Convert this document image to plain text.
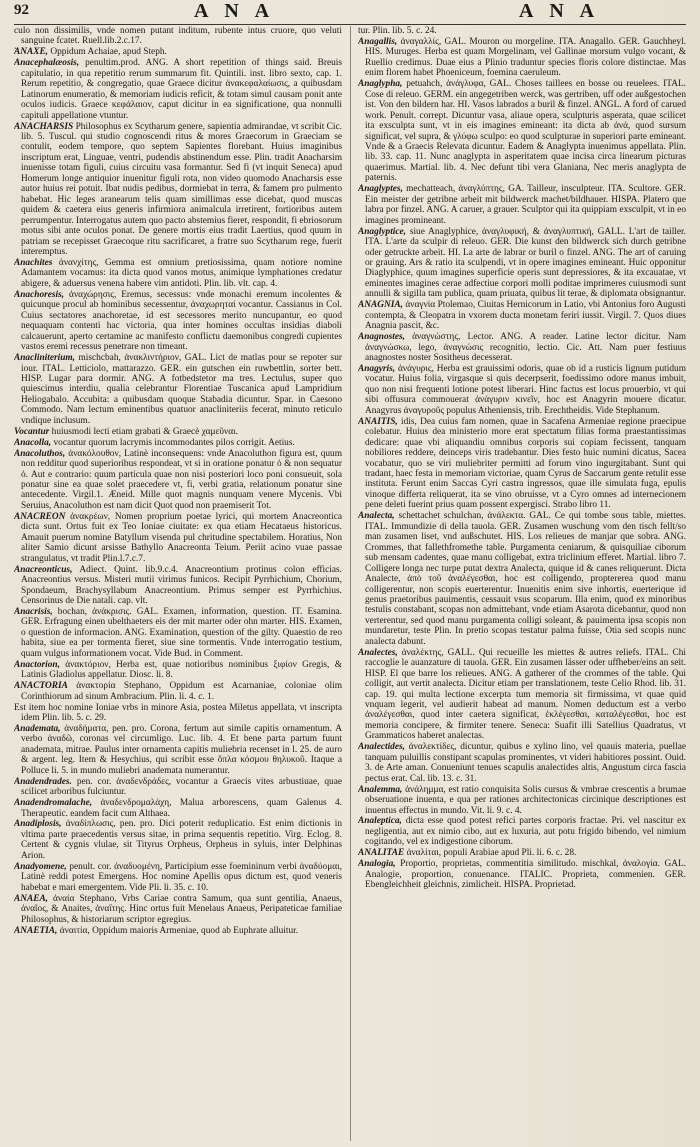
92	A N A	A N A

culo non dissimilis, vnde nomen putant inditum, rubente intus cruore, quo veluti sanguine fcatet. Ruell.lib.2.c.17.

ἈΝΑΧΕ, Oppidum Achaiae, apud Steph.

Anacephalæosis, penultim.prod. ANG. A short repetition of things said. Breuis capitulatio, in qua repetitio rerum summarum fit. Quintili. inst. libro sexto, cap. 1. Rerum repetitio, & congregatio, quae Graece dicitur ἀνακεφαλαίωσις, a quibusdam Latinorum enumeratio, & memoriam iudicis reficit, & totam simul causam ponit ante oculos iudicis. Graece κεφάλαιον, caput dicitur in ea significatione, qua nonnulli capituli appellatione vtuntur.

ANACHARSIS Philosophus ex Scytharum genere, sapientia admirandae, vt scribit Cic. lib. 5. Tuscul. qui studio cognoscendi ritus & mores Graecorum in Graeciam se contulit, eodem tempore, quo septem Sapientes florebant. Huius imaginibus inscriptum erat, Linguae, ventri, pudendis abstinendum esse. Plin. tradit Anacharsim inuenisse totam figuli, cuius circuitu vasa formantur. Sed fi (vt inquit Seneca) apud Homerum longe antiquior inuenitur figuli rota, non video quomodo Anacharsis esse autor huius rei potuit. Ibat nudis pedibus, dormiebat in terra, & famem pro pulmento habebat. Hic leges aranearum telis quam simillimas esse dicebat, quod muscas quidem & caetera eius generis infirmiora animalcula irretirent, fortioribus autem perrumpentur. Interrogatus autem quo pacto abstemius fieret, respondit, fi ebriosorum motus sibi ante oculos ponat. De genere mortis eius tradit Laertius, quod quum in patriam se recepisset Graecoque ritu sacrificaret, a fratre suo Scytharum rege, fuerit interemptus.

Anachites ἀνανχίτης, Gemma est omnium pretiosissima, quam notiore nomine Adamantem vocamus: ita dicta quod vanos motus, animique lymphationes credatur abigere, & aduersus venena habere vim antidoti. Plin. lib. vlt. cap. 4.

Anachoresis, ἀναχώρησις, Eremus, secessus: vnde monachi eremum incolentes & quicunque procul ab hominibus secessentur, ἀναχωρηταί vocantur. Cassianus in Col. Cuius sectatores anachoretae, id est secessores merito nuncupantur, eo quod nequaquam contenti hac victoria, qua inter homines occultas insidias diaboli calcauerunt, aperto certamine ac manifesto conflictu daemonibus congredi cupientes vastos eremi recessus penetrare non timeant.

Anacliniterium, mischcbah, ἀνακλιντήριον, GAL. Lict de matlas pour se repoter sur iour. ITAL. Letticiolo, mattarazzo. GER. ein gutschen ein ruwbettlin, sorter bett. HISP. Lugar para dormir. ANG. A fotbedstetor ma tres. Lectulus, super quo quiescimus interdiu, qualia celebrantur Florentiae Tuscanica apud Lampridium Heliogabalo. Accubita: a quibusdam quoque Stabadia dicuntur. Spar. in Caesono Commodo. Nam lectum eminentibus quatuor anacliniteriis fecerat, minuto reticulo vndique inclusum.

Vocantur huiusmodi lecti etiam grabati & Graecè χαμεῦναι.

Anacolla, vocantur quorum lacrymis incommodantes pilos corrigit. Aetius.

Anacoluthos, ἀνακόλουθον, Latinè inconsequens: vnde Anacoluthon figura est, quum non redditur quod superioribus respondeat, vt si in oratione ponatur ὁ & non sequatur ὁ. Aut e contrario: quum particula quae non nisi posteriori loco poni consueuit, sola ponatur sine ea quae solet praecedere vt, fi, verbi gratia, relationum ponatur sine antecedente. Virgil.1. Æneid. Mille quot magnis nunquam venere Mycenis. Vbi Seruius, Anacoluthon est nam dicit Quot quod non praemiserit Tot.

ANACREON ἀνακρέων, Nomen proprium poetae lyrici, qui mortem Anacreontica dicta sunt. Ortus fuit ex Teo Ioniae ciuitate: ex qua etiam Hecataeus historicus. Amauit puerum nomine Batyllum visenda pul chritudine spectabilem. Horatius, Non aliter Samio dicunt arsisse Bathyllo Anacreonta Teium. Periit acino vuae passae strangulatus, vt tradit Plin.l.7.c.7.

Anacreonticus, Adiect. Quint. lib.9.c.4. Anacreontium protinus colon efficias. Anacreontius versus. Misteri mutii virimus funicos. Recipit Pyrrhichium, Chorium, Spondaeum, Brachysyllabum Anacreontium. Primus semper est Pyrrhichius. Censorinus de Die natali. cap. vlt.

Anacrisis, bochan, ἀνάκρισις. GAL. Examen, information, question. IT. Esamina. GER. Erfragung einen ubelthaeters eis der mit marter oder ohn marter. HIS. Examen, o question de informacion. ANG. Examination, question of the gilty. Quaestio de reo habita, siue ea per tormenta fieret, siue sine tormentis. Vnde interrogatio testium, quam vulgus informationem vocat. Vide Bud. in Comment.

Anactorion, ἀνακτόριον, Herba est, quae notioribus nominibus ξιφίον Gregis, & Latinis Gladiolus appellatur. Diosc. li. 8.

ANACTORIA ἀνακτορία Stephano, Oppidum est Acarnaniae, coloniae olim Corinthiorum ad sinum Ambracium. Plin. li. 4. c. 1.

Est item hoc nomine Ioniae vrbs in minore Asia, postea Miletus appellata, vt inscripta idem Plin. lib. 5. c. 29.

Anademata, ἀναδήματα, pen. pro. Corona, fertum aut simile capitis ornamentum. A verbo ἀναδῶ, coronas vel circumligo. Luc. lib. 4. Et bene parta partum fuunt anademata, mitrae. Paulus inter ornamenta capitis muliebria recenset in l. 25. de auro & argent. leg. Item & Hesychius, qui scribit esse ὅπλα κόσμου θηλυκοῦ. Itaque a Polluce li. 5. in mundo muliebri anademata numerantur.

Anadendrades. pen. cor. ἀναδενδράδες, vocantur a Graecis vites arbustiuae, quae scilicet arboribus fulciuntur.

Anadendromalache, ἀναδενδρομαλάχη, Malua arborescens, quam Galenus 4. Therapeutic. eandem facit cum Althaea.

Anadiplosis, ἀναδίπλωσις, pen. pro. Dici poterit reduplicatio. Est enim dictionis in vltima parte praecedentis versus sitae, in prima sequentis repetitio. Virg. Eclog. 8. Certent & cygnis vlulae, sit Tityrus Orpheus, Orpheus in syluis, inter Delphinas Arion.

Anadyomene, penult. cor. ἀναδυομένη, Participium esse foemininum verbi ἀναδύομαι, Latinè reddi potest Emergens. Hoc nomine Apellis opus dictum est, quod veneris habebat e mari emergentem. Vide Pli. li. 35. c. 10.

ANAEA, ἀναία Stephano, Vrbs Cariae contra Samum, qua sunt gentilia, Anaeus, ἀναῖος, & Anaites, ἀναΐτης. Hinc ortus fuit Menelaus Anaeus, Peripateticae familiae Philosophus, & historiarum scriptor egregius.

ANAETIA, ἀναιτία, Oppidum maioris Armeniae, quod ab Euphrate alluitur.

tur. Plin. lib. 5. c. 24.

Anagallis, ἀναγαλλίς, GAL. Mouron ou morgeline. ITA. Anagallo. GER. Gauchheyl. HIS. Muruges. Herba est quam Morgelinam, vel Gallinae morsum vulgo vocant, & Ruellio credimus. Duae eius a Plinio traduntur species floris colore distinctae. Mas enim florem habet Phoeniceum, foemina caeruleum.

Anaglypha, petuahch, ἀνάγλυφα, GAL. Choses taillees en bosse ou reuelees. ITAL. Cose di releuo. GERM. ein angegetriben werck, was gertriben, uff oder außgestochen ist. Von den bildern har. HI. Vasos labrados a buril & finzel. ANGL. A ford of carued work. Penult. corrept. Dicuntur vasa, aliaue opera, sculpturis asperata, quae scilicet ita exsculpta sunt, vt in eis imagines emineant: ita dicta ab ἀνά, quod sursum significat, vel supra, & γλύφω sculpo: eo quod sculpturae in superiori parte emineant. Vnde & a Graecis Relevata dicuntur. Eadem & Anaglypta inuenimus appellata. Plin. lib. 33. cap. 11. Nunc anaglypta in asperitatem quae incisa circa linearum picturas quaerimus. Martial. lib. 4. Nec defunt tibi vera Glaniana, Nec meris anaglypta de paternis.

Anaglyptes, mechatteach, ἀναγλύπτης, GA. Tailleur, insculpteur. ITA. Scultore. GER. Ein meister der getribne arbeit mit bildwerck machet/bildhauer. HISPA. Platero que labra por finzel. ANG. A caruer, a grauer. Sculptor qui ita quippiam exsculpit, vt in eo imagines promineant.

Anaglyptice, siue Anaglyphice, ἀναγλυφική, & ἀναγλυπτική, GALL. L'art de tailler. ITA. L'arte da sculpir di releuo. GER. Die kunst den bildwerck sich durch getribne oder getruckte arbeit. HI. La arte de labrar or buril o finzel. ANG. The art of caruing or grauing. Ars & ratio ita sculpendi, vt in opere imagines emineant. Huic opponitur Diaglyphice, quum imagines superficie operis sunt depressiores, & ita excauatae, vt eminentes imagines cerae adfectiue corpori molli poditae imprimeres cuiusmodi sunt annulli & sigilla tam publica, quam priuata, quibus lit terae, & diplomata obsignantur.

ANAGNIA, ἀναγνία Ptolemao, Ciuitas Hernicorum in Latio, vbi Antonius foro Augusti contempta, & Cleopatra in vxorem ducta monetam feriri iussit. Virgil. 7. Quos diues Anagnia pascit, &c.

Anagnostes, ἀναγνώστης, Lector. ANG. A reader. Latine lector dicitur. Nam ἀναγνώσκω, lego, ἀναγνώσις recognitio, lectio. Cic. Att. Nam puer festiuus anagnostes noster Sositheus decesserat.

Anagyris, ἀνάγυρις, Herba est grauissimi odoris, quae ob id a rusticis lignum putidum vocatur. Huius folia, virgasque si quis decerpserit, foedissimo odore manus imbuit, quo non nisi frequenti lotione potest liberari. Hinc factus est locus prouerbio, vt qui sibi offusura commouerat ἀνάγυριν κινεῖν, hoc est Anagyrin mouere dicatur. Anagyrus ἀναγυροῦς populus Atheniensis, trib. Erechtheidis. Vide Stephanum.

ANAITIS, idis, Dea cuius fam nomen, quae in Sacafena Armeniae regione praecipue colebatur. Huius dea ministerio more erat spectatum filias forma praestantissimas dedicare: quae vbi aliquandiu omnibus corporis sui copiam fecissent, tanquam nobiliores reddere, deinceps viris tradebantur. Dies festo huic numini dicatus, Sacea vocabatur, quo se viri muliebriter permitti ad forum vino ingurgitabant. Sunt qui tradant, haec festa in memoriam victoriae, quam Cyrus de Saccarum gente retulit esse instituta. Ferunt enim Saccas Cyri castra ingressos, quae ille simulata fuga, epulis vinoque differta reliquerat, ita se vino obruisse, vt a Cyro omnes ad internecionem pene deleti fuerint prius quam possent expergisci. Strabo libro 11.

Analecta, schettachet schulchan, ἀνάλεκτα. GAL. Ce qui tombe sous table, miettes. ITAL. Immundizie di della tauola. GER. Zusamen wuschung vom den tisch fellt/so man zusamen liset, vnd außschutet. HIS. Los relieues de manjar que sobra. ANG. Crommes, that fallethfromethe table. Purgamenta ceniarum, & quisquiliae ciborum sub mensam cadentes, quae manu colligebat, extra triclinium efferet. Martial. libro 7. Colligere longa nec turpe putat dextra Analecta, quique id & canes reliquerunt. Dicta Analecte, ἀπὸ τοῦ ἀναλέγεσθαι, hoc est colligendo, proptererea quod manu colligerentur, non scopis euerterentur. Inuenitis enim sive inhortis, euerterique id genus praetoribus pauimentis, cessauit vsus scoparum. Illa enim, quod ex minoribus testulis constabant, scopas non admittebant, vnde etiam Asarota dicebantur, quod non verterentur, sed quod manu purgamenta colligi soleant, & pauimenta ipsa scopis non mundaretur, teste Plin. In pretio scopas testatur palma fuisse, Otia sed scopis nunc analecta dabunt.

Analectes, ἀναλέκτης, GALL. Qui recueille les miettes & autres reliefs. ITAL. Chi raccoglie le auanzature di tauola. GER. Ein zusamen lässer oder uffheber/eins an seit. HISP. El que barre los relieues. ANG. A gatherer of the crommes of the table. Qui colligit, aut vertit analecta. Dicitur etiam per translationem, teste Celio Rhod. lib. 31. cap. 19. qui multa lectione excerpta tum memoria sit firmissima, vt quae quid vnquam legerit, vel audierit habeat ad manum. Nomen deductum est a verbo ἀναλέγεσθαι, quod inter caetera significat, ἐκλέγεσθαι, καταλέγεσθαι, hoc est memoria concipere, & firmiter tenere. Seneca: Suafit illi Satellius Quadratus, vt Grammaticos haberet analectas.

Analectides, ἀναλεκτίδες, dicuntur, quibus e xylino lino, vel quauis materia, puellae tanquam puluillis constipant scapulas prominentes, vt videri habitiores possint. Ouid. 3. de Arte aman. Conueniunt tenues scapulis analectides altis, Angustum circa fascia pectus erat. Cal. lib. 13. c. 31.

Analemma, ἀνάλημμα, est ratio conquisita Solis cursus & vmbrae crescentis a brumae obseruatione inuenta, e qua per rationes architectonicas circinique descriptiones est inuentus effectus in mundo. Vit. li. 9. c. 4.

Analeptica, dicta esse quod potest refici partes corporis fractae. Pri. vel nascitur ex negligentia, aut ex nimio cibo, aut ex luxuria, aut potu frigido bibendo, vel nimium cogitando, vel ex indigestione ciborum.

ANALITAE ἀναλίται, populi Arabiae apud Pli. li. 6. c. 28.

Analogia, Proportio, proprietas, commentitia similitudo. mischkal, ἀναλογία. GAL. Analogie, proportion, conuenance. ITALIC. Proprieta, commenien. GER. Ebengleichheit gleichnis, zimlicheit. HISPA. Proprietad.
